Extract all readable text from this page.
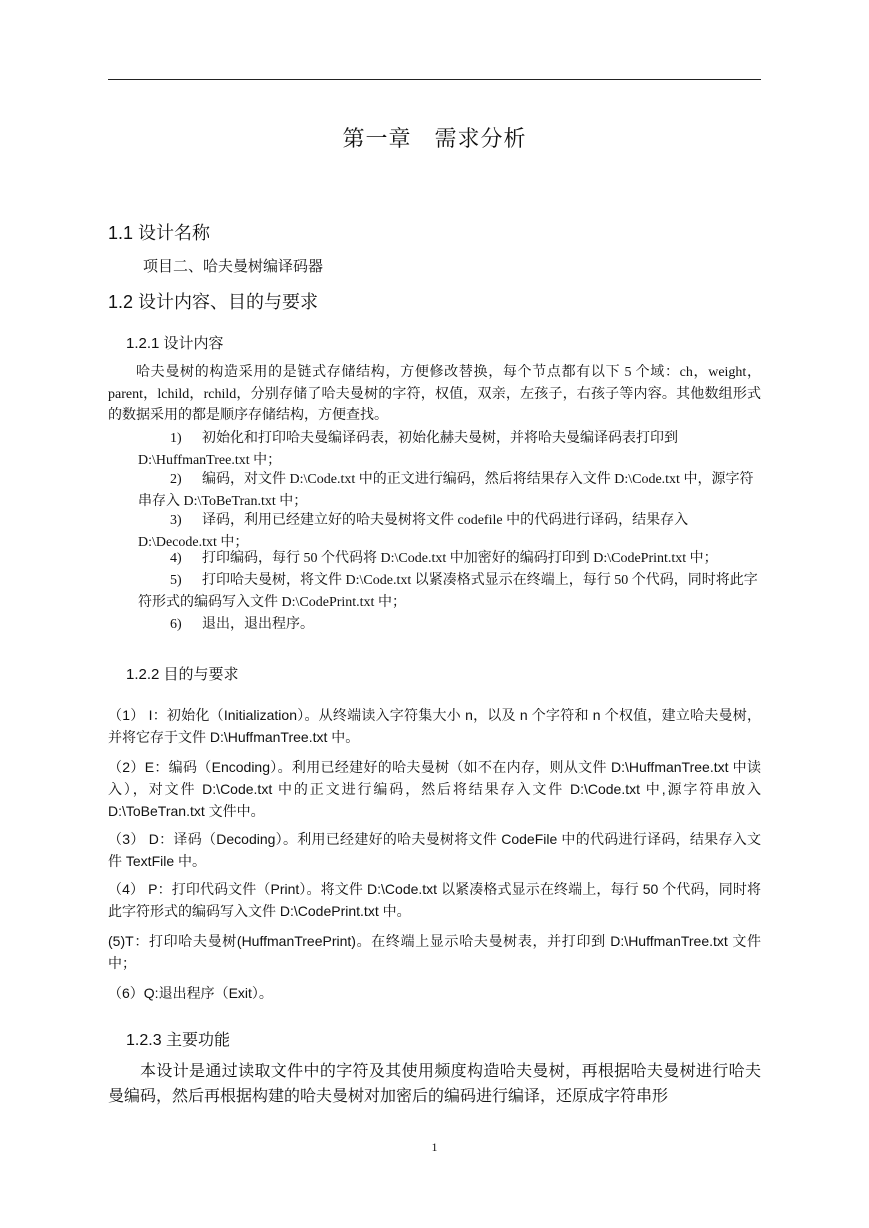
第一章　需求分析
1.1 设计名称
项目二、哈夫曼树编译码器
1.2 设计内容、目的与要求
1.2.1 设计内容
哈夫曼树的构造采用的是链式存储结构，方便修改替换，每个节点都有以下 5 个域：ch，weight，parent，lchild，rchild，分别存储了哈夫曼树的字符，权值，双亲，左孩子，右孩子等内容。其他数组形式的数据采用的都是顺序存储结构，方便查找。
1) 初始化和打印哈夫曼编译码表，初始化赫夫曼树，并将哈夫曼编译码表打印到 D:\HuffmanTree.txt 中；
2) 编码，对文件 D:\Code.txt 中的正文进行编码，然后将结果存入文件 D:\Code.txt 中，源字符串存入 D:\ToBeTran.txt 中；
3) 译码，利用已经建立好的哈夫曼树将文件 codefile 中的代码进行译码，结果存入 D:\Decode.txt 中；
4) 打印编码，每行 50 个代码将 D:\Code.txt 中加密好的编码打印到 D:\CodePrint.txt 中；
5) 打印哈夫曼树，将文件 D:\Code.txt 以紧凑格式显示在终端上，每行 50 个代码，同时将此字符形式的编码写入文件 D:\CodePrint.txt 中；
6) 退出，退出程序。
1.2.2 目的与要求
（1） I：初始化（Initialization）。从终端读入字符集大小 n，以及 n 个字符和 n 个权值，建立哈夫曼树，并将它存于文件 D:\HuffmanTree.txt 中。
（2）E：编码（Encoding）。利用已经建好的哈夫曼树（如不在内存，则从文件 D:\HuffmanTree.txt 中读入），对文件 D:\Code.txt 中的正文进行编码，然后将结果存入文件 D:\Code.txt 中,源字符串放入 D:\ToBeTran.txt 文件中。
（3） D：译码（Decoding）。利用已经建好的哈夫曼树将文件 CodeFile 中的代码进行译码，结果存入文件 TextFile 中。
（4） P：打印代码文件（Print）。将文件 D:\Code.txt 以紧凑格式显示在终端上，每行 50 个代码，同时将此字符形式的编码写入文件 D:\CodePrint.txt 中。
(5)T：打印哈夫曼树(HuffmanTreePrint)。在终端上显示哈夫曼树表，并打印到 D:\HuffmanTree.txt 文件中；
（6）Q:退出程序（Exit）。
1.2.3 主要功能
本设计是通过读取文件中的字符及其使用频度构造哈夫曼树，再根据哈夫曼树进行哈夫曼编码，然后再根据构建的哈夫曼树对加密后的编码进行编译，还原成字符串形
1
